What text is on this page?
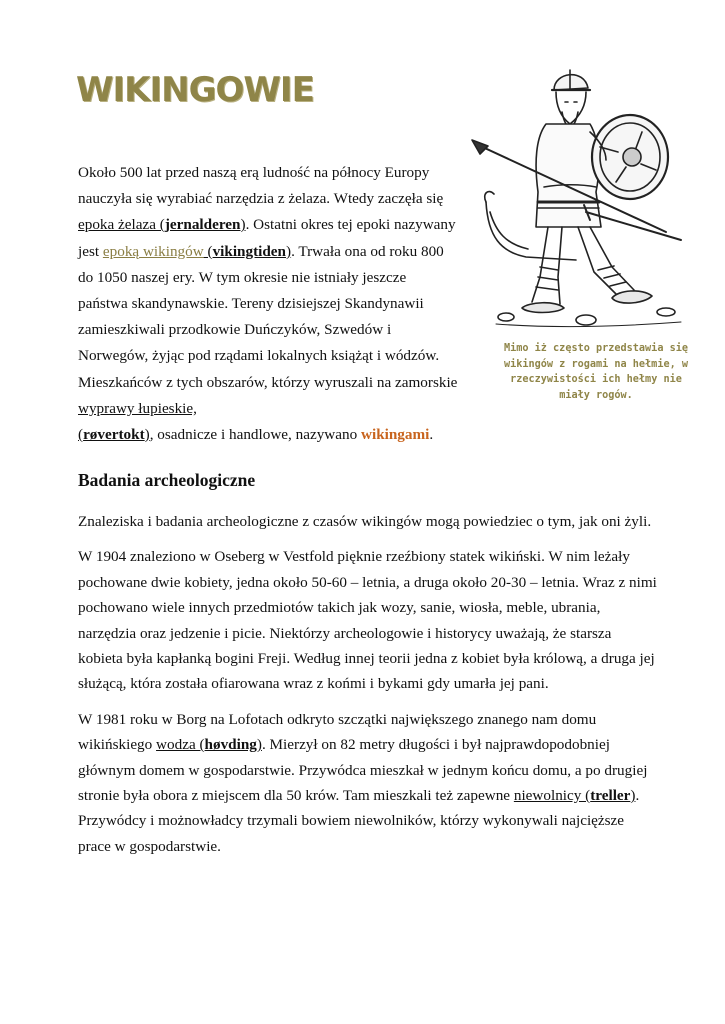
WIKINGOWIE

Około 500 lat przed naszą erą ludność na północy Europy nauczyła się wyrabiać narzędzia z żelaza. Wtedy zaczęła się epoka żelaza (jernalderen). Ostatni okres tej epoki nazywany jest epoką wikingów (vikingtiden). Trwała ona od roku 800 do 1050 naszej ery. W tym okresie nie istniały jeszcze państwa skandynawskie. Tereny dzisiejszej Skandynawii zamieszkiwali przodkowie Duńczyków, Szwedów i Norwegów, żyjąc pod rządami lokalnych książąt i wódzów. Mieszkańców z tych obszarów, którzy wyruszali na zamorskie wyprawy łupieskie,
(røvertokt), osadnicze i handlowe, nazywano wikingami.

Mimo iż często przedstawia się wikingów z rogami na hełmie, w rzeczywistości ich hełmy nie miały rogów.

Badania archeologiczne

Znaleziska i badania archeologiczne z czasów wikingów mogą powiedziec o tym, jak oni żyli.

W 1904 znaleziono w Oseberg w Vestfold pięknie rzeźbiony statek wikiński. W nim leżały pochowane dwie kobiety, jedna około 50-60 – letnia, a druga około 20-30 – letnia. Wraz z nimi pochowano wiele innych przedmiotów takich jak wozy, sanie, wiosła, meble, ubrania, narzędzia oraz jedzenie i picie. Niektórzy archeologowie i historycy uważają, że starsza kobieta była kapłanką bogini Freji. Według innej teorii jedna z kobiet była królową, a druga jej służącą, która została ofiarowana wraz z końmi i bykami gdy umarła jej pani.

W 1981 roku w Borg na Lofotach odkryto szczątki największego znanego nam domu wikińskiego wodza (høvding). Mierzył on 82 metry długości i był najprawdopodobniej głównym domem w gospodarstwie. Przywódca mieszkał w jednym końcu domu, a po drugiej stronie była obora z miejscem dla 50 krów. Tam mieszkali też zapewne niewolnicy (treller). Przywódcy i możnowładcy trzymali bowiem niewolników, którzy wykonywali najcięższe prace w gospodarstwie.
